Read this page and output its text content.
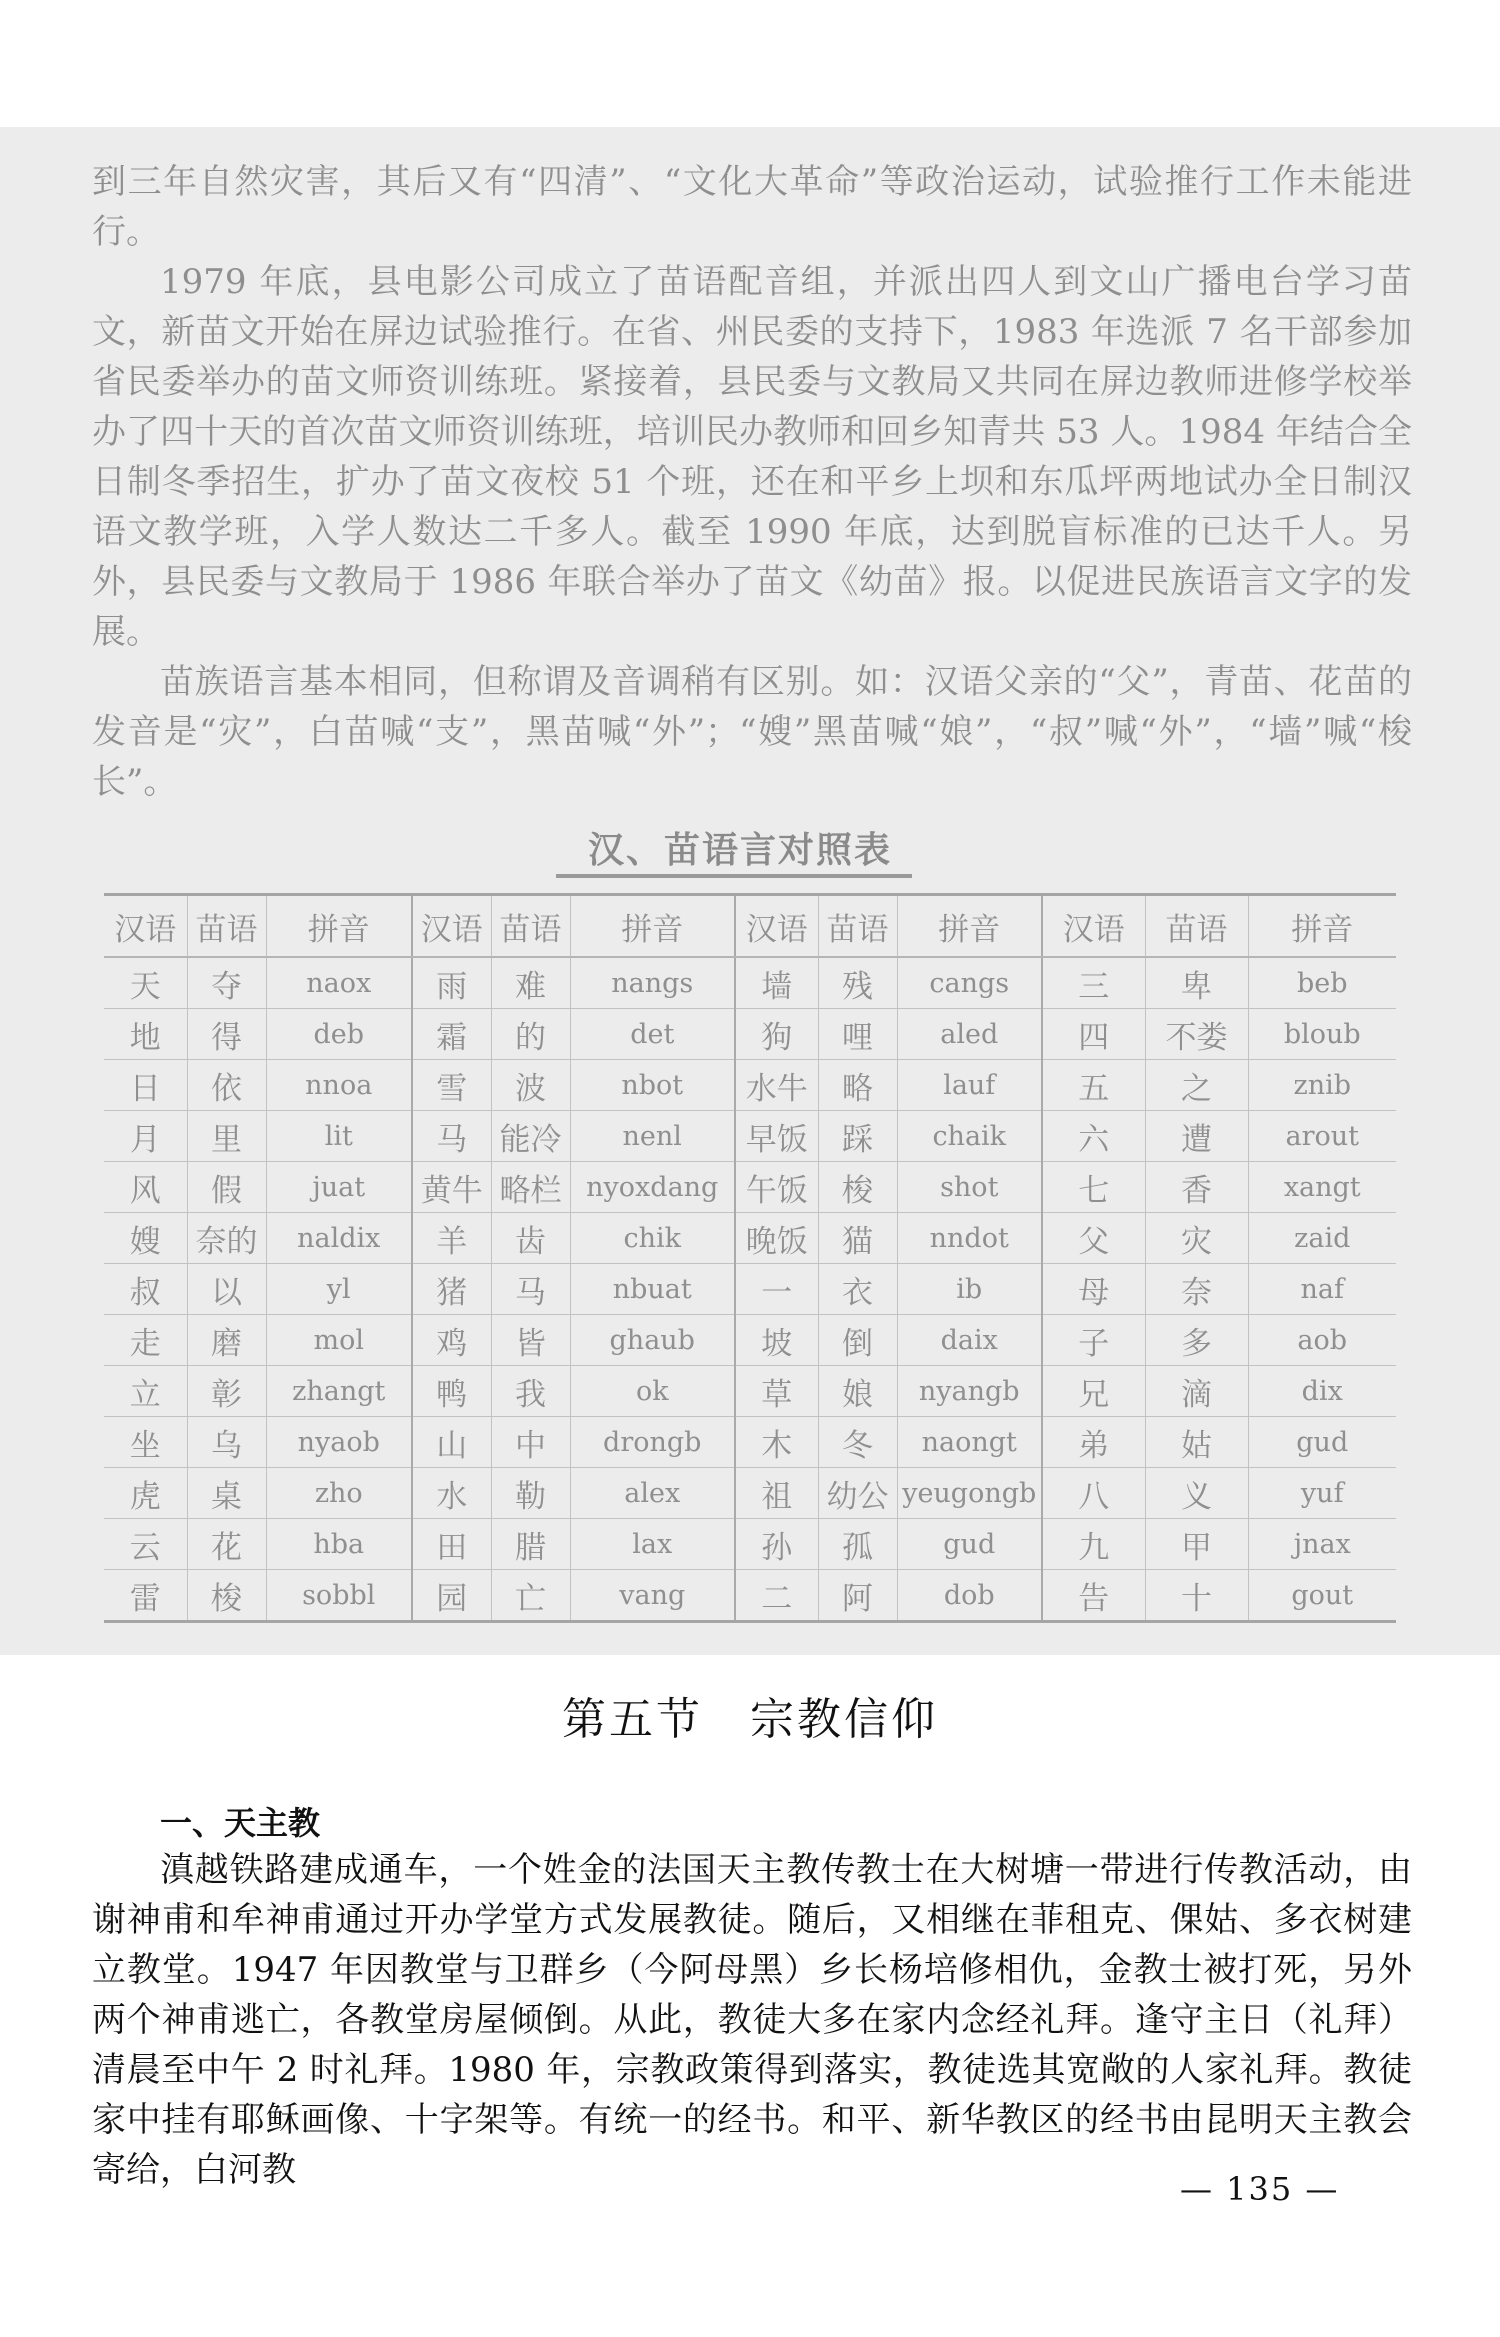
到三年自然灾害，其后又有“四清”、“文化大革命”等政治运动，试验推行工作未能进行。

1979 年底，县电影公司成立了苗语配音组，并派出四人到文山广播电台学习苗文，新苗文开始在屏边试验推行。在省、州民委的支持下，1983 年选派 7 名干部参加省民委举办的苗文师资训练班。紧接着，县民委与文教局又共同在屏边教师进修学校举办了四十天的首次苗文师资训练班，培训民办教师和回乡知青共 53 人。1984 年结合全日制冬季招生，扩办了苗文夜校 51 个班，还在和平乡上坝和东瓜坪两地试办全日制汉语文教学班，入学人数达二千多人。截至 1990 年底，达到脱盲标准的已达千人。另外，县民委与文教局于 1986 年联合举办了苗文《幼苗》报。以促进民族语言文字的发展。

苗族语言基本相同，但称谓及音调稍有区别。如：汉语父亲的“父”，青苗、花苗的发音是“灾”，白苗喊“支”，黑苗喊“外”；“嫂”黑苗喊“娘”，“叔”喊“外”，“墙”喊“梭长”。

汉、苗语言对照表
汉语	苗语	拼音	汉语	苗语	拼音	汉语	苗语	拼音	汉语	苗语	拼音
天	夺	naox	雨	难	nangs	墙	残	cangs	三	卑	beb
地	得	deb	霜	的	det	狗	哩	aled	四	不娄	bloub
日	依	nnoa	雪	波	nbot	水牛	略	lauf	五	之	znib
月	里	lit	马	能冷	nenl	早饭	踩	chaik	六	遭	arout
风	假	juat	黄牛	略栏	nyoxdang	午饭	梭	shot	七	香	xangt
嫂	奈的	naldix	羊	齿	chik	晚饭	猫	nndot	父	灾	zaid
叔	以	yl	猪	马	nbuat	一	衣	ib	母	奈	naf
走	磨	mol	鸡	皆	ghaub	坡	倒	daix	子	多	aob
立	彰	zhangt	鸭	我	ok	草	娘	nyangb	兄	滴	dix
坐	乌	nyaob	山	中	drongb	木	冬	naongt	弟	姑	gud
虎	桌	zho	水	勒	alex	祖	幼公	yeugongb	八	义	yuf
云	花	hba	田	腊	lax	孙	孤	gud	九	甲	jnax
雷	梭	sobbl	园	亡	vang	二	阿	dob	告	十	gout
第五节　宗教信仰
一、天主教

滇越铁路建成通车，一个姓金的法国天主教传教士在大树塘一带进行传教活动，由谢神甫和牟神甫通过开办学堂方式发展教徒。随后，又相继在菲租克、倮姑、多衣树建立教堂。1947 年因教堂与卫群乡（今阿母黑）乡长杨培修相仇，金教士被打死，另外两个神甫逃亡，各教堂房屋倾倒。从此，教徒大多在家内念经礼拜。逢守主日（礼拜）清晨至中午 2 时礼拜。1980 年，宗教政策得到落实，教徒选其宽敞的人家礼拜。教徒家中挂有耶稣画像、十字架等。有统一的经书。和平、新华教区的经书由昆明天主教会寄给，白河教	— 135 —
